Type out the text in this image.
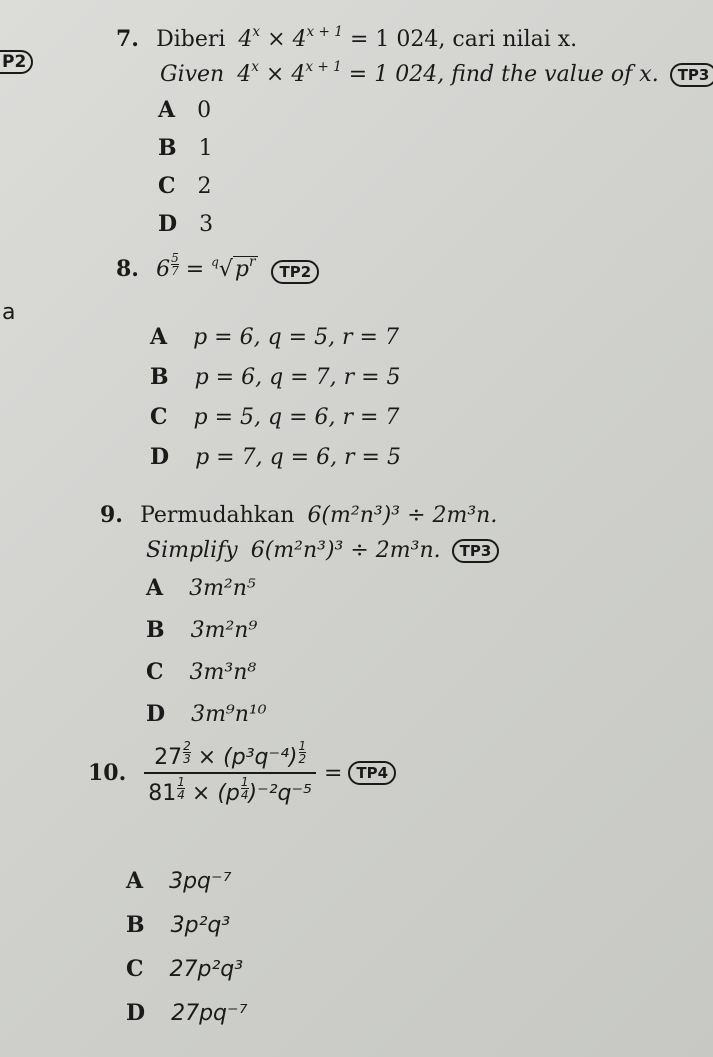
P2
a
7. Diberi $4^x \times 4^{x + 1} = 1$ 024, cari nilai x.
Given $4^x \times 4^{x + 1} = 1$ 024, find the value of x. TP3
A 0
B 1
C 2
D 3
8. $6 \frac{5}{7} = ^q√p^r$ TP2
A p = 6, q = 5, r = 7
B p = 6, q = 7, r = 5
C p = 5, q = 6, r = 7
D p = 7, q = 6, r = 5
9. Permudahkan 6(m²n³)³ ÷ 2m³n.
Simplify 6(m²n³)³ ÷ 2m³n. TP3
A 3m²n⁵
B 3m²n⁹
C 3m³n⁸
D 3m⁹n¹⁰
10. $\frac{27 \frac{2}{3} \times (p^3q^{-4}) \frac{1}{2}}{81 \frac{1}{4} \times (p \frac{1}{4} )^{-2}q^{-5}} = TP4$
A 3pq⁻⁷
B 3p²q³
C 27p²q³
D 27pq⁻⁷
